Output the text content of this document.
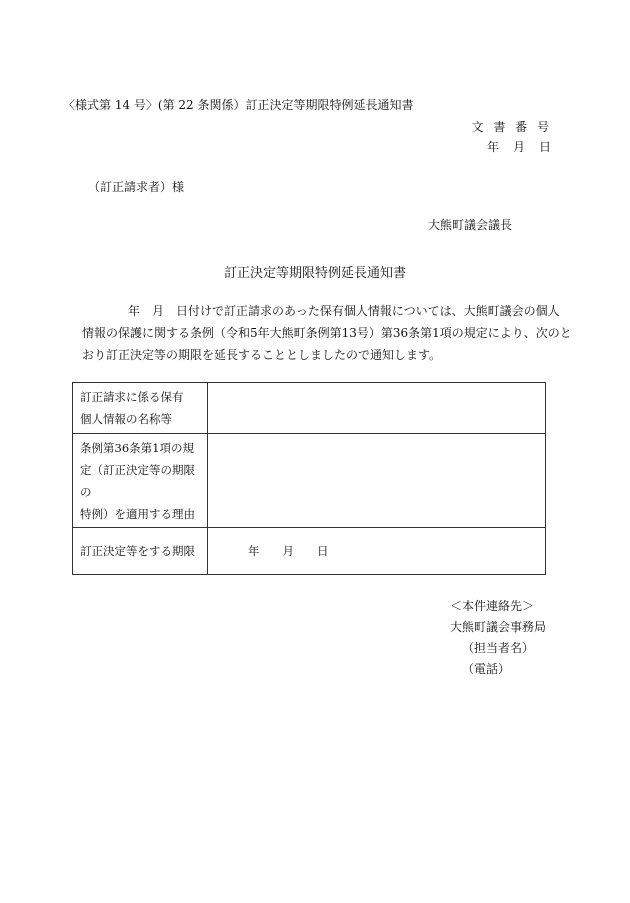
〈様式第 14 号〉(第 22 条関係）訂正決定等期限特例延長通知書
文 書 番 号
年　月　日
（訂正請求者）様
大熊町議会議長
訂正決定等期限特例延長通知書
年　月　日付けで訂正請求のあった保有個人情報については、大熊町議会の個人
情報の保護に関する条例（令和5年大熊町条例第13号）第36条第1項の規定により、次のと
おり訂正決定等の期限を延長することとしましたので通知します。
訂正請求に係る保有
個人情報の名称等	

条例第36条第1項の規
定（訂正決定等の期限の
特例）を適用する理由	

訂正決定等をする期限	年　　月　　日
＜本件連絡先＞
大熊町議会事務局
（担当者名）
（電話）
